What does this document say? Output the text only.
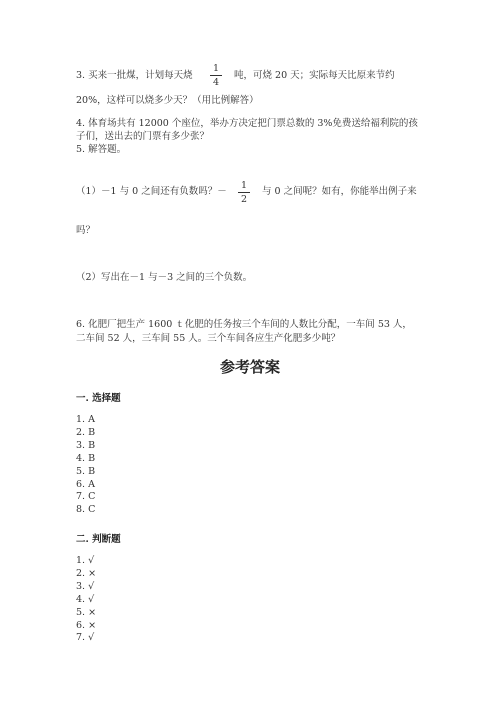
3. 买来一批煤，计划每天烧
1
4
吨，可烧 20 天；实际每天比原来节约
20%，这样可以烧多少天？（用比例解答）
4. 体育场共有 12000 个座位，举办方决定把门票总数的 3%免费送给福利院的孩
子们，送出去的门票有多少张？
5. 解答题。
（1）－1 与 0 之间还有负数吗？－
1
2
与 0 之间呢？如有，你能举出例子来
吗？
（2）写出在－1 与－3 之间的三个负数。
6. 化肥厂把生产 1600 ｔ化肥的任务按三个车间的人数比分配，一车间 53 人，
二车间 52 人，三车间 55 人。三个车间各应生产化肥多少吨？
参考答案
一. 选择题
1. A
2. B
3. B
4. B
5. B
6. A
7. C
8. C
二. 判断题
1. √
2. ×
3. √
4. √
5. ×
6. ×
7. √
